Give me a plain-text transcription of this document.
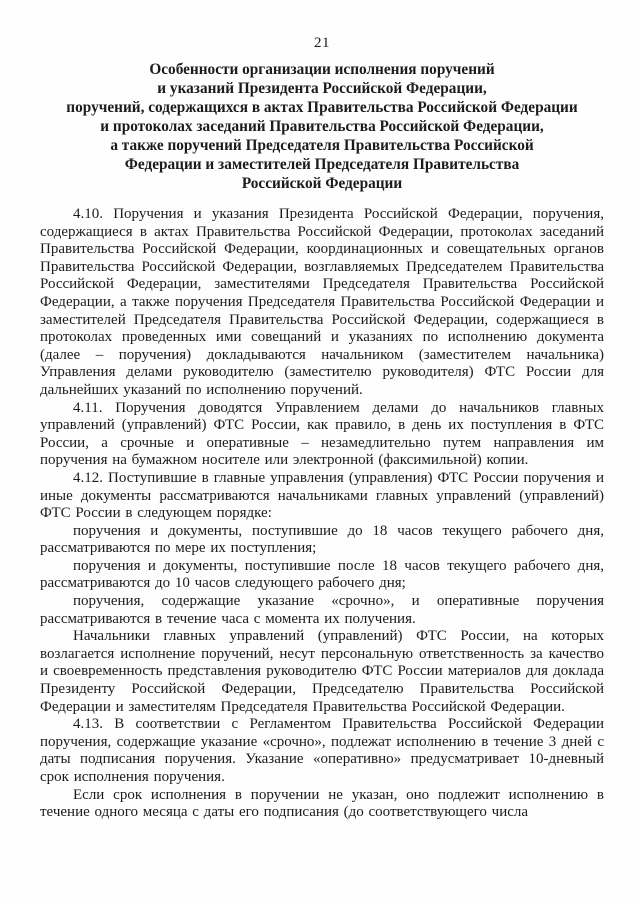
21
Особенности организации исполнения поручений
и указаний Президента Российской Федерации,
поручений, содержащихся в актах Правительства Российской Федерации
и протоколах заседаний Правительства Российской Федерации,
а также поручений Председателя Правительства Российской
Федерации и заместителей Председателя Правительства
Российской Федерации

4.10. Поручения и указания Президента Российской Федерации, поручения, содержащиеся в актах Правительства Российской Федерации, протоколах заседаний Правительства Российской Федерации, координационных и совещательных органов Правительства Российской Федерации, возглавляемых Председателем Правительства Российской Федерации, заместителями Председателя Правительства Российской Федерации, а также поручения Председателя Правительства Российской Федерации и заместителей Председателя Правительства Российской Федерации, содержащиеся в протоколах проведенных ими совещаний и указаниях по исполнению документа (далее – поручения) докладываются начальником (заместителем начальника) Управления делами руководителю (заместителю руководителя) ФТС России для дальнейших указаний по исполнению поручений.

4.11. Поручения доводятся Управлением делами до начальников главных управлений (управлений) ФТС России, как правило, в день их поступления в ФТС России, а срочные и оперативные – незамедлительно путем направления им поручения на бумажном носителе или электронной (факсимильной) копии.

4.12. Поступившие в главные управления (управления) ФТС России поручения и иные документы рассматриваются начальниками главных управлений (управлений) ФТС России в следующем порядке:

поручения и документы, поступившие до 18 часов текущего рабочего дня, рассматриваются по мере их поступления;

поручения и документы, поступившие после 18 часов текущего рабочего дня, рассматриваются до 10 часов следующего рабочего дня;

поручения, содержащие указание «срочно», и оперативные поручения рассматриваются в течение часа с момента их получения.

Начальники главных управлений (управлений) ФТС России, на которых возлагается исполнение поручений, несут персональную ответственность за качество и своевременность представления руководителю ФТС России материалов для доклада Президенту Российской Федерации, Председателю Правительства Российской Федерации и заместителям Председателя Правительства Российской Федерации.

4.13. В соответствии с Регламентом Правительства Российской Федерации поручения, содержащие указание «срочно», подлежат исполнению в течение 3 дней с даты подписания поручения. Указание «оперативно» предусматривает 10-дневный срок исполнения поручения.

Если срок исполнения в поручении не указан, оно подлежит исполнению в течение одного месяца с даты его подписания (до соответствующего числа
